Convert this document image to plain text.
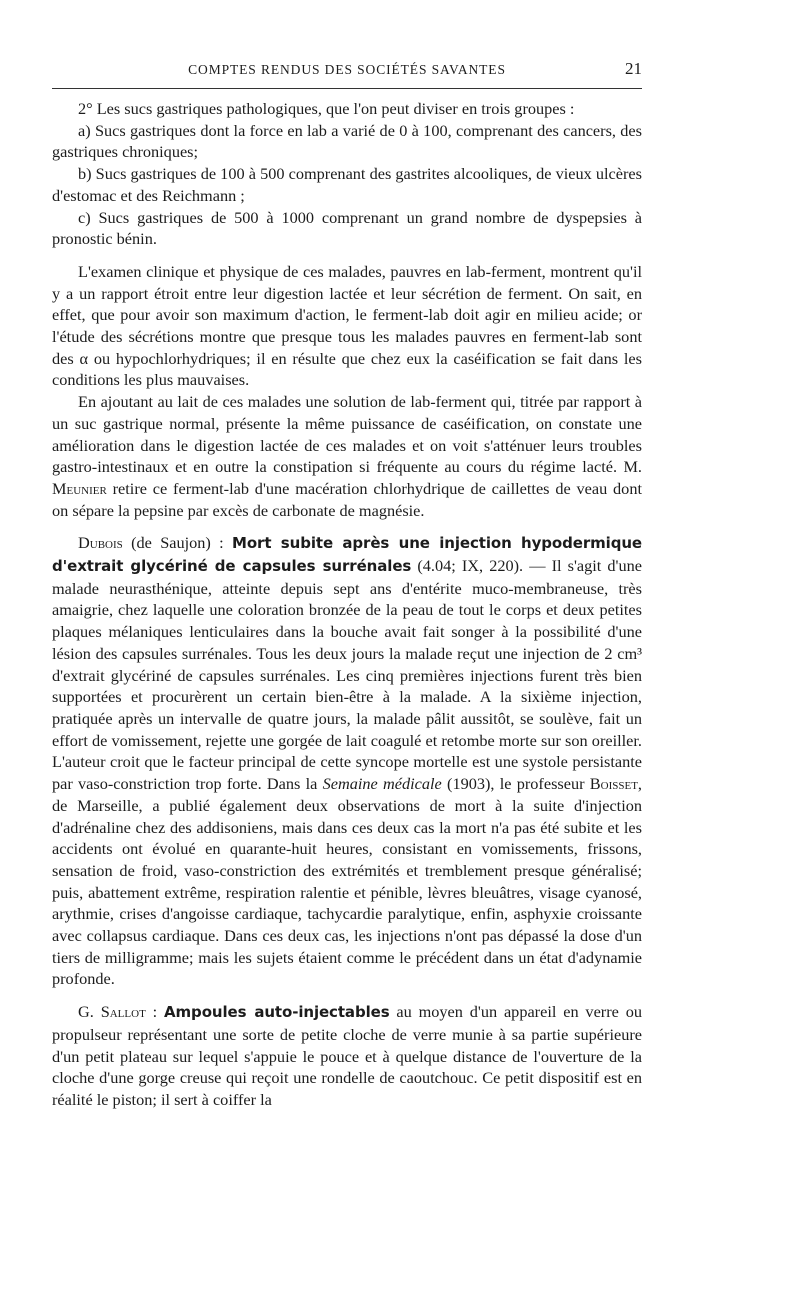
COMPTES RENDUS DES SOCIÉTÉS SAVANTES	21

2° Les sucs gastriques pathologiques, que l'on peut diviser en trois groupes :

a) Sucs gastriques dont la force en lab a varié de 0 à 100, comprenant des cancers, des gastriques chroniques;

b) Sucs gastriques de 100 à 500 comprenant des gastrites alcooliques, de vieux ulcères d'estomac et des Reichmann ;

c) Sucs gastriques de 500 à 1000 comprenant un grand nombre de dyspepsies à pronostic bénin.

L'examen clinique et physique de ces malades, pauvres en lab-ferment, montrent qu'il y a un rapport étroit entre leur digestion lactée et leur sécrétion de ferment. On sait, en effet, que pour avoir son maximum d'action, le ferment-lab doit agir en milieu acide; or l'étude des sécrétions montre que presque tous les malades pauvres en ferment-lab sont des α ou hypochlorhydriques; il en résulte que chez eux la caséification se fait dans les conditions les plus mauvaises.

En ajoutant au lait de ces malades une solution de lab-ferment qui, titrée par rapport à un suc gastrique normal, présente la même puissance de caséification, on constate une amélioration dans le digestion lactée de ces malades et on voit s'atténuer leurs troubles gastro-intestinaux et en outre la constipation si fréquente au cours du régime lacté. M. Meunier retire ce ferment-lab d'une macération chlorhydrique de caillettes de veau dont on sépare la pepsine par excès de carbonate de magnésie.

Dubois (de Saujon) : Mort subite après une injection hypodermique d'extrait glycériné de capsules surrénales (4.04; IX, 220). — Il s'agit d'une malade neurasthénique, atteinte depuis sept ans d'entérite muco-membraneuse, très amaigrie, chez laquelle une coloration bronzée de la peau de tout le corps et deux petites plaques mélaniques lenticulaires dans la bouche avait fait songer à la possibilité d'une lésion des capsules surrénales. Tous les deux jours la malade reçut une injection de 2 cm³ d'extrait glycériné de capsules surrénales. Les cinq premières injections furent très bien supportées et procurèrent un certain bien-être à la malade. A la sixième injection, pratiquée après un intervalle de quatre jours, la malade pâlit aussitôt, se soulève, fait un effort de vomissement, rejette une gorgée de lait coagulé et retombe morte sur son oreiller. L'auteur croit que le facteur principal de cette syncope mortelle est une systole persistante par vaso-constriction trop forte. Dans la Semaine médicale (1903), le professeur Boisset, de Marseille, a publié également deux observations de mort à la suite d'injection d'adrénaline chez des addisoniens, mais dans ces deux cas la mort n'a pas été subite et les accidents ont évolué en quarante-huit heures, consistant en vomissements, frissons, sensation de froid, vaso-constriction des extrémités et tremblement presque généralisé; puis, abattement extrême, respiration ralentie et pénible, lèvres bleuâtres, visage cyanosé, arythmie, crises d'angoisse cardiaque, tachycardie paralytique, enfin, asphyxie croissante avec collapsus cardiaque. Dans ces deux cas, les injections n'ont pas dépassé la dose d'un tiers de milligramme; mais les sujets étaient comme le précédent dans un état d'adynamie profonde.

G. Sallot : Ampoules auto-injectables au moyen d'un appareil en verre ou propulseur représentant une sorte de petite cloche de verre munie à sa partie supérieure d'un petit plateau sur lequel s'appuie le pouce et à quelque distance de l'ouverture de la cloche d'une gorge creuse qui reçoit une rondelle de caoutchouc. Ce petit dispositif est en réalité le piston; il sert à coiffer la
